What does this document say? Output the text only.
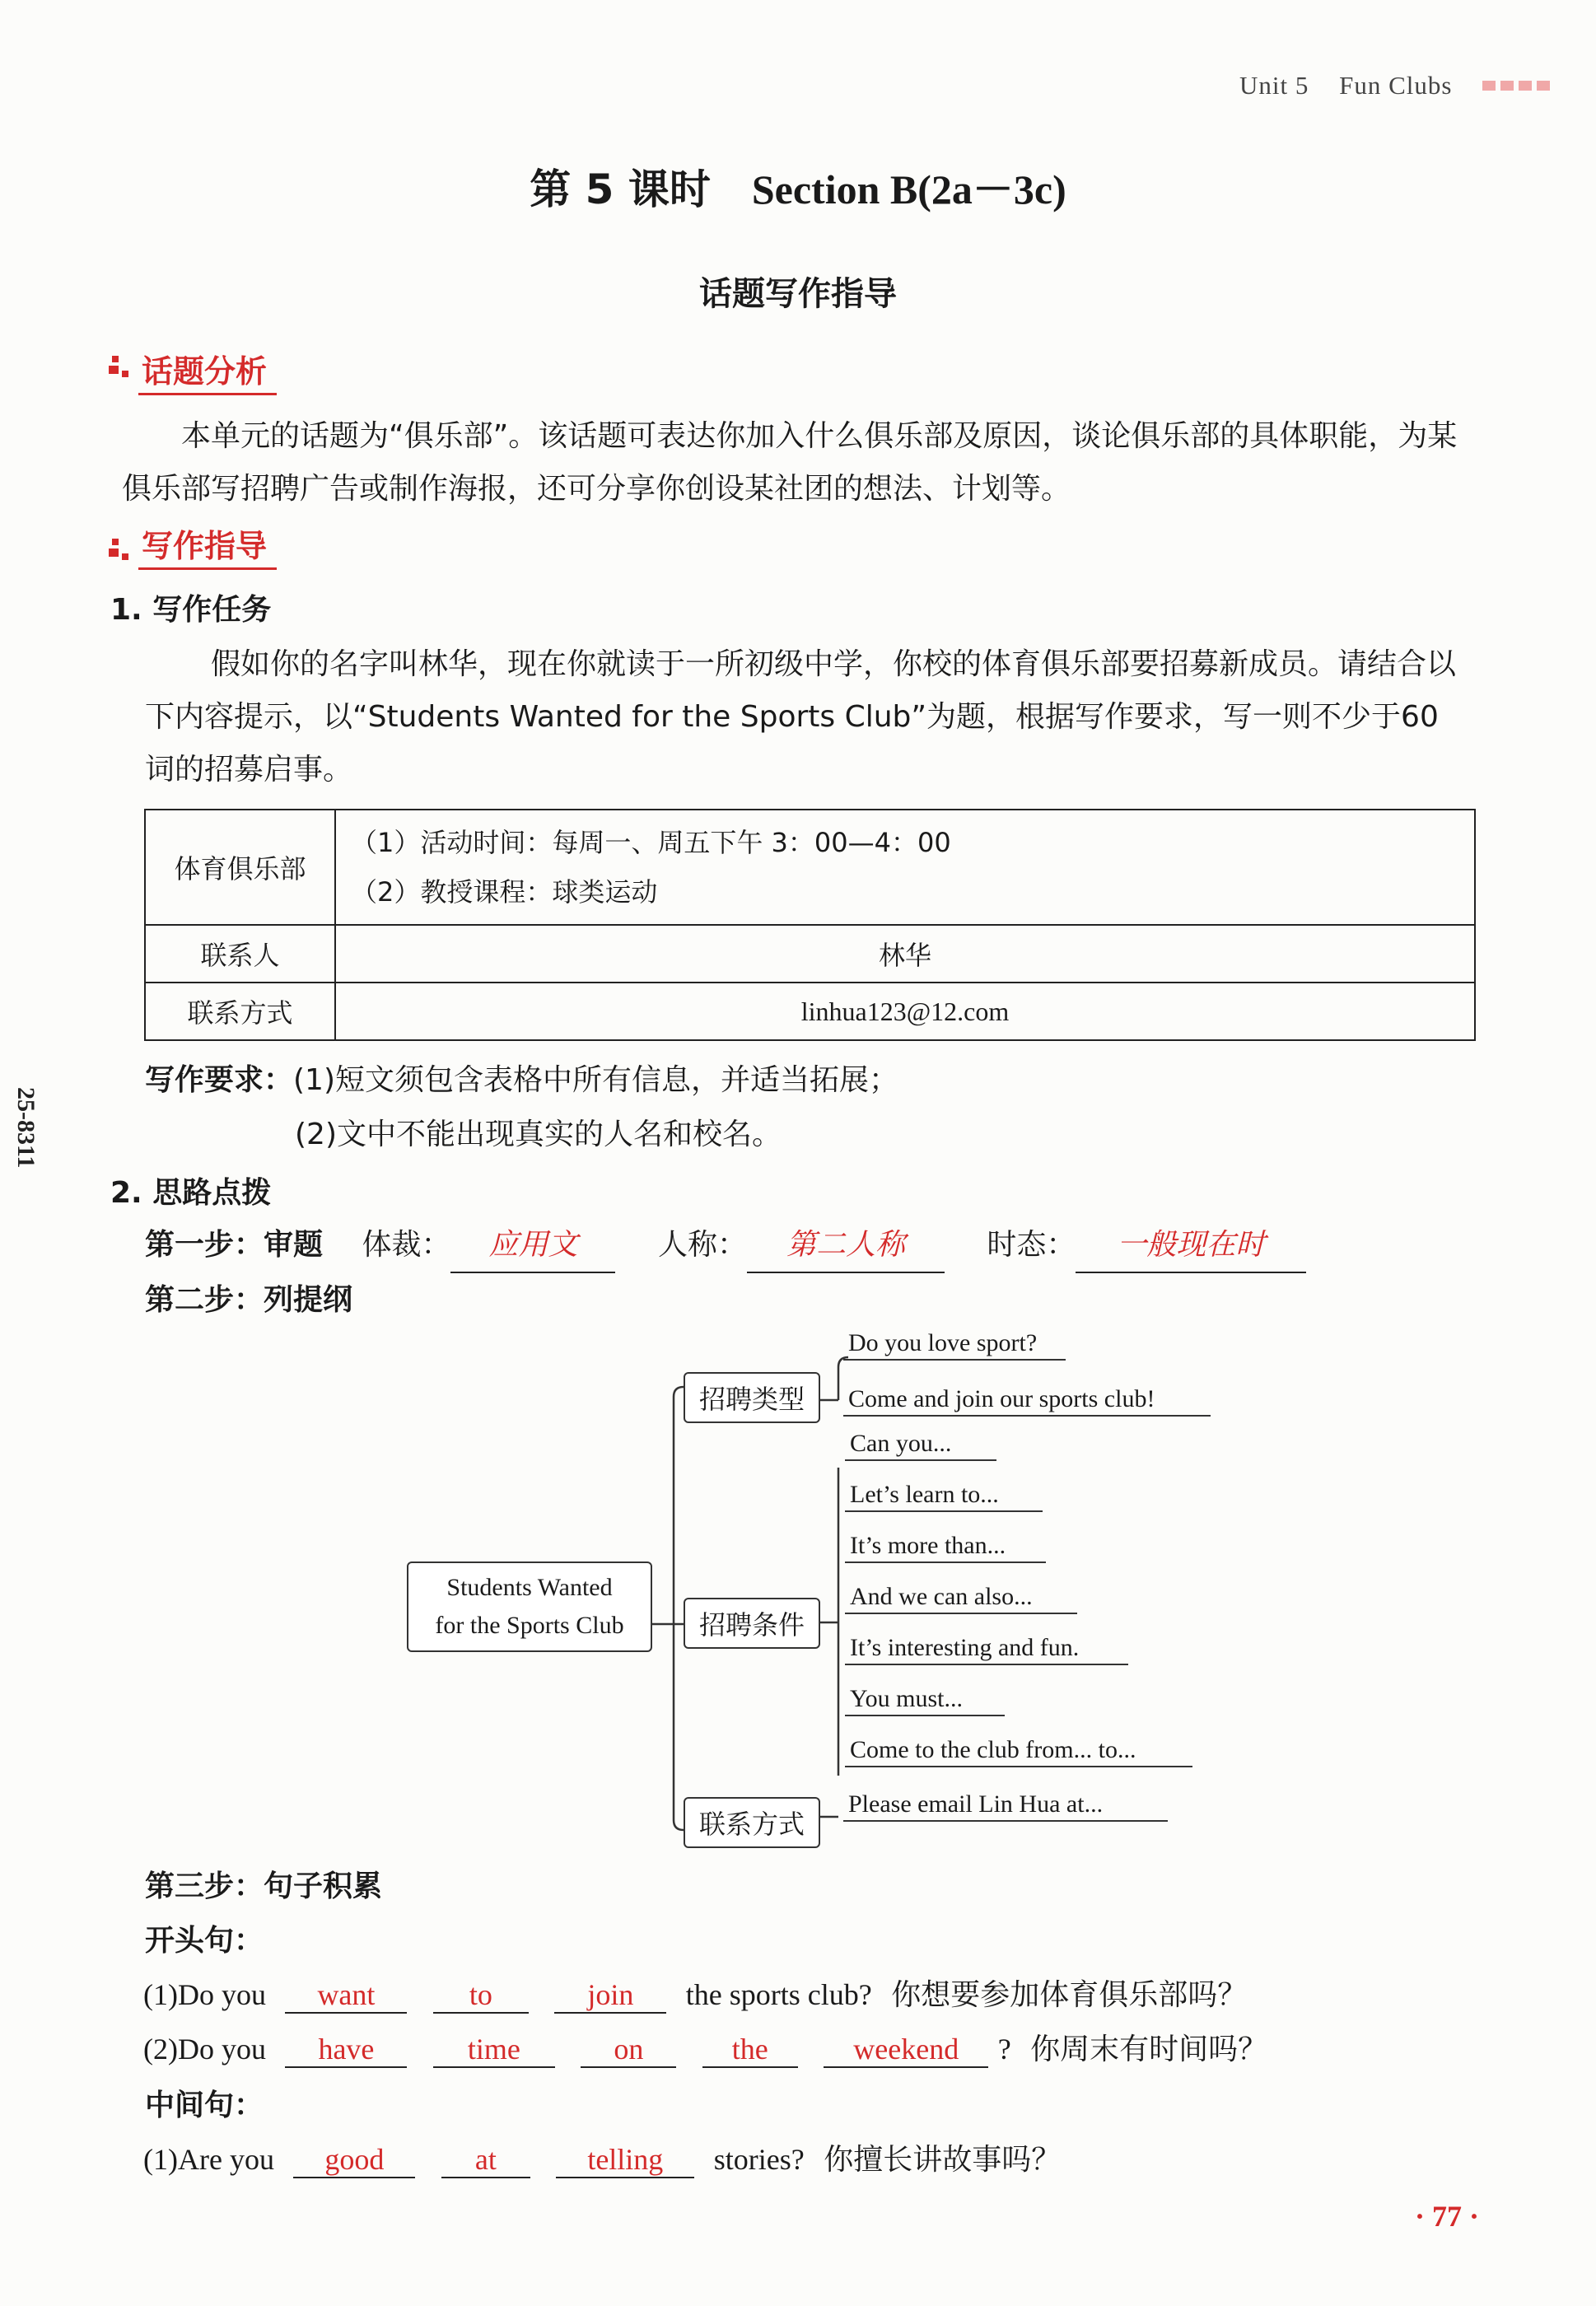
Unit 5 Fun Clubs
25-8311
第 5 课时 Section B(2a－3c)
话题写作指导
话题分析
本单元的话题为“俱乐部”。该话题可表达你加入什么俱乐部及原因，谈论俱乐部的具体职能，为某俱乐部写招聘广告或制作海报，还可分享你创设某社团的想法、计划等。
写作指导
1. 写作任务
假如你的名字叫林华，现在你就读于一所初级中学，你校的体育俱乐部要招募新成员。请结合以下内容提示，以“Students Wanted for the Sports Club”为题，根据写作要求，写一则不少于60 词的招募启事。
体育俱乐部	（1）活动时间：每周一、周五下午 3：00—4：00
（2）教授课程：球类运动

联系人	林华
联系方式	linhua123@12.com
写作要求：(1)短文须包含表格中所有信息，并适当拓展；
(2)文中不能出现真实的人名和校名。
2. 思路点拨
第一步：审题 体裁： 应用文	人称： 第二人称	时态： 一般现在时
第二步：列提纲
Students Wanted
for the Sports Club
招聘类型
招聘条件
联系方式
Do you love sport?
Come and join our sports club!
Can you...
Let’s learn to...
It’s more than...
And we can also...
It’s interesting and fun.
You must...
Come to the club from... to...
Please email Lin Hua at...
第三步：句子积累
开头句：
(1)Do you want	to	join the sports club? 你想要参加体育俱乐部吗？
(2)Do you have	time	on	the	weekend ? 你周末有时间吗？
中间句：
(1)Are you good	at	telling stories? 你擅长讲故事吗？
· 77 ·
